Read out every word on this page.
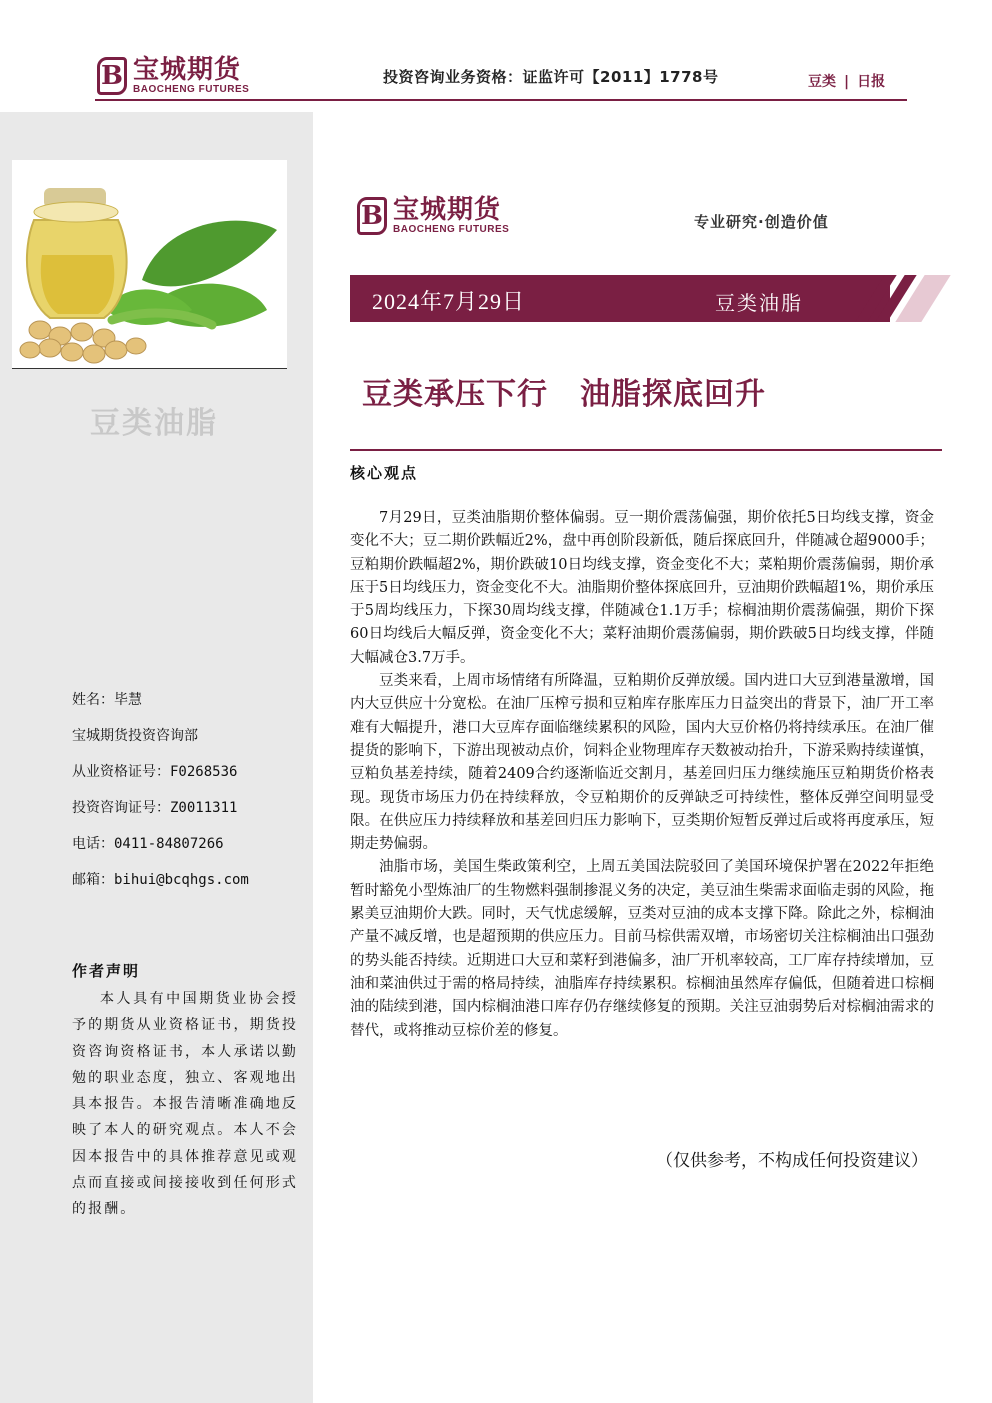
B 宝城期货
BAOCHENG FUTURES
投资咨询业务资格：证监许可【2011】1778号	豆类 | 日报
豆类油脂
姓名：毕慧
宝城期货投资咨询部
从业资格证号：F0268536
投资咨询证号：Z0011311
电话：0411-84807266
邮箱：bihui@bcqhgs.com
作者声明
本人具有中国期货业协会授予的期货从业资格证书，期货投资咨询资格证书，本人承诺以勤勉的职业态度，独立、客观地出具本报告。本报告清晰准确地反映了本人的研究观点。本人不会因本报告中的具体推荐意见或观点而直接或间接接收到任何形式的报酬。
B 宝城期货
BAOCHENG FUTURES	专业研究·创造价值
2024年7月29日	豆类油脂
豆类承压下行 油脂探底回升
核心观点

7月29日，豆类油脂期价整体偏弱。豆一期价震荡偏强，期价依托5日均线支撑，资金变化不大；豆二期价跌幅近2%，盘中再创阶段新低，随后探底回升，伴随减仓超9000手；豆粕期价跌幅超2%，期价跌破10日均线支撑，资金变化不大；菜粕期价震荡偏弱，期价承压于5日均线压力，资金变化不大。油脂期价整体探底回升，豆油期价跌幅超1%，期价承压于5周均线压力，下探30周均线支撑，伴随减仓1.1万手；棕榈油期价震荡偏强，期价下探60日均线后大幅反弹，资金变化不大；菜籽油期价震荡偏弱，期价跌破5日均线支撑，伴随大幅减仓3.7万手。

豆类来看，上周市场情绪有所降温，豆粕期价反弹放缓。国内进口大豆到港量激增，国内大豆供应十分宽松。在油厂压榨亏损和豆粕库存胀库压力日益突出的背景下，油厂开工率难有大幅提升，港口大豆库存面临继续累积的风险，国内大豆价格仍将持续承压。在油厂催提货的影响下，下游出现被动点价，饲料企业物理库存天数被动抬升，下游采购持续谨慎，豆粕负基差持续，随着2409合约逐渐临近交割月，基差回归压力继续施压豆粕期货价格表现。现货市场压力仍在持续释放，令豆粕期价的反弹缺乏可持续性，整体反弹空间明显受限。在供应压力持续释放和基差回归压力影响下，豆类期价短暂反弹过后或将再度承压，短期走势偏弱。

油脂市场，美国生柴政策利空，上周五美国法院驳回了美国环境保护署在2022年拒绝暂时豁免小型炼油厂的生物燃料强制掺混义务的决定，美豆油生柴需求面临走弱的风险，拖累美豆油期价大跌。同时，天气忧虑缓解，豆类对豆油的成本支撑下降。除此之外，棕榈油产量不减反增，也是超预期的供应压力。目前马棕供需双增，市场密切关注棕榈油出口强劲的势头能否持续。近期进口大豆和菜籽到港偏多，油厂开机率较高，工厂库存持续增加，豆油和菜油供过于需的格局持续，油脂库存持续累积。棕榈油虽然库存偏低，但随着进口棕榈油的陆续到港，国内棕榈油港口库存仍存继续修复的预期。关注豆油弱势后对棕榈油需求的替代，或将推动豆棕价差的修复。

（仅供参考，不构成任何投资建议）
